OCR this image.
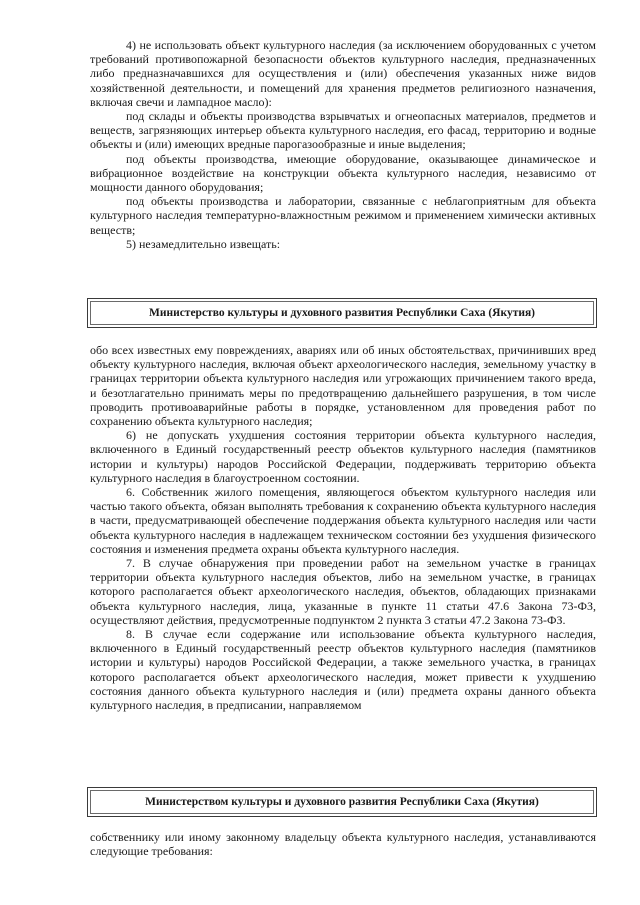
4) не использовать объект культурного наследия (за исключением оборудованных с учетом требований противопожарной безопасности объектов культурного наследия, предназначенных либо предназначавшихся для осуществления и (или) обеспечения указанных ниже видов хозяйственной деятельности, и помещений для хранения предметов религиозного назначения, включая свечи и лампадное масло):

под склады и объекты производства взрывчатых и огнеопасных материалов, предметов и веществ, загрязняющих интерьер объекта культурного наследия, его фасад, территорию и водные объекты и (или) имеющих вредные парогазообразные и иные выделения;

под объекты производства, имеющие оборудование, оказывающее динамическое и вибрационное воздействие на конструкции объекта культурного наследия, независимо от мощности данного оборудования;

под объекты производства и лаборатории, связанные с неблагоприятным для объекта культурного наследия температурно-влажностным режимом и применением химически активных веществ;

5) незамедлительно извещать:

Министерство культуры и духовного развития Республики Саха (Якутия)

обо всех известных ему повреждениях, авариях или об иных обстоятельствах, причинивших вред объекту культурного наследия, включая объект археологического наследия, земельному участку в границах территории объекта культурного наследия или угрожающих причинением такого вреда, и безотлагательно принимать меры по предотвращению дальнейшего разрушения, в том числе проводить противоаварийные работы в порядке, установленном для проведения работ по сохранению объекта культурного наследия;

6) не допускать ухудшения состояния территории объекта культурного наследия, включенного в Единый государственный реестр объектов культурного наследия (памятников истории и культуры) народов Российской Федерации, поддерживать территорию объекта культурного наследия в благоустроенном состоянии.

6. Собственник жилого помещения, являющегося объектом культурного наследия или частью такого объекта, обязан выполнять требования к сохранению объекта культурного наследия в части, предусматривающей обеспечение поддержания объекта культурного наследия или части объекта культурного наследия в надлежащем техническом состоянии без ухудшения физического состояния и изменения предмета охраны объекта культурного наследия.

7. В случае обнаружения при проведении работ на земельном участке в границах территории объекта культурного наследия объектов, либо на земельном участке, в границах которого располагается объект археологического наследия, объектов, обладающих признаками объекта культурного наследия, лица, указанные в пункте 11 статьи 47.6 Закона 73-ФЗ, осуществляют действия, предусмотренные подпунктом 2 пункта 3 статьи 47.2 Закона 73-ФЗ.

8. В случае если содержание или использование объекта культурного наследия, включенного в Единый государственный реестр объектов культурного наследия (памятников истории и культуры) народов Российской Федерации, а также земельного участка, в границах которого располагается объект археологического наследия, может привести к ухудшению состояния данного объекта культурного наследия и (или) предмета охраны данного объекта культурного наследия, в предписании, направляемом

Министерством культуры и духовного развития Республики Саха (Якутия)

собственнику или иному законному владельцу объекта культурного наследия, устанавливаются следующие требования:
